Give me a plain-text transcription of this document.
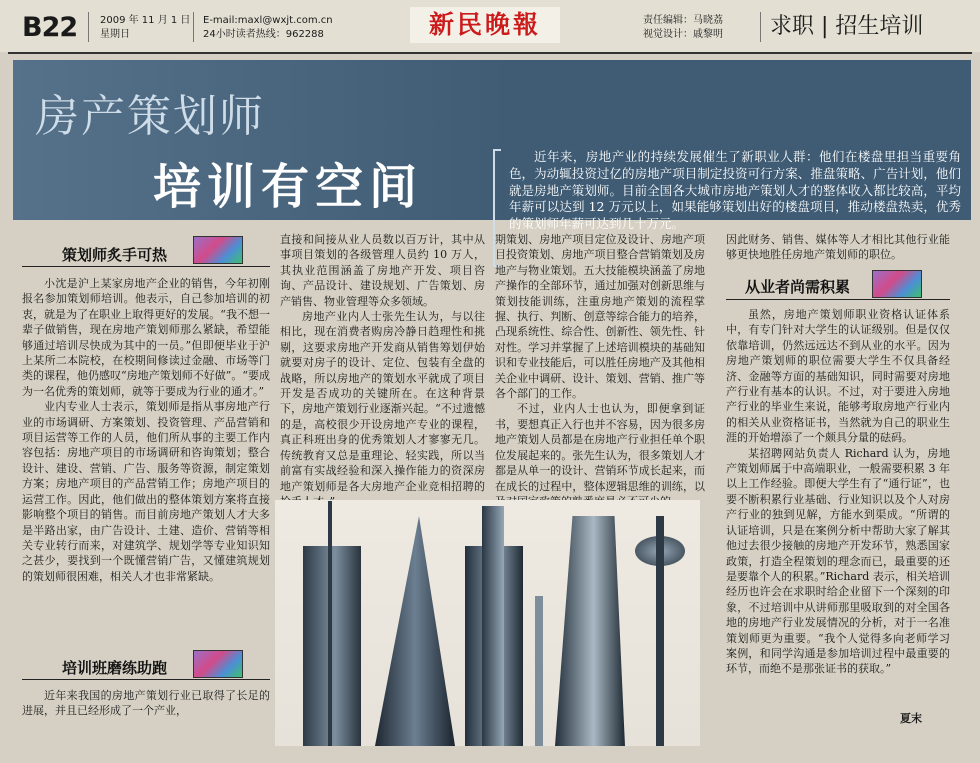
B22 2009 年 11 月 1 日
星期日
E-mail:maxl@wxjt.com.cn
24小时读者热线：962288	新民晚報	责任编辑：马晓荔
视觉设计：戚黎明 求职 | 招生培训
房产策划师
培训有空间

近年来，房地产业的持续发展催生了新职业人群：他们在楼盘里担当重要角色，为动辄投资过亿的房地产项目制定投资可行方案、推盘策略、广告计划，他们就是房地产策划师。目前全国各大城市房地产策划人才的整体收入都比较高，平均年薪可以达到 12 万元以上，如果能够策划出好的楼盘项目，推动楼盘热卖，优秀的策划师年薪可达到几十万元。

策划师炙手可热

小沈是沪上某家房地产企业的销售，今年初刚报名参加策划师培训。他表示，自己参加培训的初衷，就是为了在职业上取得更好的发展。“我不想一辈子做销售，现在房地产策划师那么紧缺，希望能够通过培训尽快成为其中的一员。”但即便毕业于沪上某所二本院校，在校期间修读过金融、市场等门类的课程，他仍感叹“房地产策划师不好做”。“要成为一名优秀的策划师，就等于要成为行业的通才。”

业内专业人士表示，策划师是指从事房地产行业的市场调研、方案策划、投资管理、产品营销和项目运营等工作的人员，他们所从事的主要工作内容包括：房地产项目的市场调研和咨询策划；整合设计、建设、营销、广告、服务等资源，制定策划方案；房地产项目的产品营销工作；房地产项目的运营工作。因此，他们做出的整体策划方案将直接影响整个项目的销售。而目前房地产策划人才大多是半路出家，由广告设计、土建、造价、营销等相关专业转行而来，对建筑学、规划学等专业知识知之甚少，要找到一个既懂营销广告，又懂建筑规划的策划师很困难，相关人才也非常紧缺。

培训班磨练助跑

近年来我国的房地产策划行业已取得了长足的进展，并且已经形成了一个产业，

直接和间接从业人员数以百万计，其中从事项目策划的各级管理人员约 10 万人，其执业范围涵盖了房地产开发、项目咨询、产品设计、建设规划、广告策划、房产销售、物业管理等众多领域。

房地产业内人士张先生认为，与以往相比，现在消费者购房冷静日趋理性和挑剔，这要求房地产开发商从销售筹划伊始就要对房子的设计、定位、包装有全盘的战略，所以房地产的策划水平就成了项目开发是否成功的关键所在。在这种背景下，房地产策划行业逐渐兴起。“不过遗憾的是，高校很少开设房地产专业的课程，真正科班出身的优秀策划人才寥寥无几。传统教育又总是重理论、轻实践，所以当前富有实战经验和深入操作能力的资深房地产策划师是各大房地产企业竞相招聘的

期策划、房地产项目定位及设计、房地产项目投资策划、房地产项目整合营销策划及房地产与物业策划。五大技能模块涵盖了房地产操作的全部环节，通过加强对创新思维与策划技能训练，注重房地产策划的流程掌握、执行、判断、创意等综合能力的培养，凸现系统性、综合性、创新性、领先性、针对性。学习并掌握了上述培训模块的基础知识和专业技能后，可以胜任房地产及其他相关企业中调研、设计、策划、营销、推广等各个部门的工作。

不过，业内人士也认为，即便拿到证书，要想真正入行也并不容易，因为很多房地产策划人员都是在房地产行业担任单个职位发展起来的。张先生认为，很多策划人才都是从单一的设计、营销环节成长起来，而在成长的过程中，整体逻辑思维的训练，以

因此财务、销售、媒体等人才相比其他行业能够更快地胜任房地产策划师的职位。

从业者尚需积累

虽然，房地产策划师职业资格认证体系中，有专门针对大学生的认证级别。但是仅仅依靠培训，仍然远远达不到从业的水平。因为房地产策划师的职位需要大学生不仅具备经济、金融等方面的基础知识，同时需要对房地产行业有基本的认识。不过，对于要进入房地产行业的毕业生来说，能够考取房地产行业内的相关从业资格证书，当然就为自己的职业生涯的开始增添了一个颇具分量的砝码。

某招聘网站负责人 Richard 认为，房地产策划师属于中高端职业，一般需要积累 3 年以上工作经验。即便大学生有了“通行证”，也要不断积累行业基础、行业知识以及个人对房产行业的独到见解，方能水到渠成。“所谓的认证培训，只是在案例分析中帮助大家了解其他过去很少接触的房地产开发环节，熟悉国家政策，打造全程策划的理念而已，最重要的还是要靠个人的积累。”Richard 表示，相关培训经历也许会在求职时给企业留下一个深刻的印象，不过培训中从讲师那里吸取到的对全国各地的房地产行业发展情况的分析，对于一名准策划师更为重要。“我个人觉得多向老师学习案例，和同学沟通是参加培训过程中最重要的环节，而绝不是那张证书的获取。”

夏末
